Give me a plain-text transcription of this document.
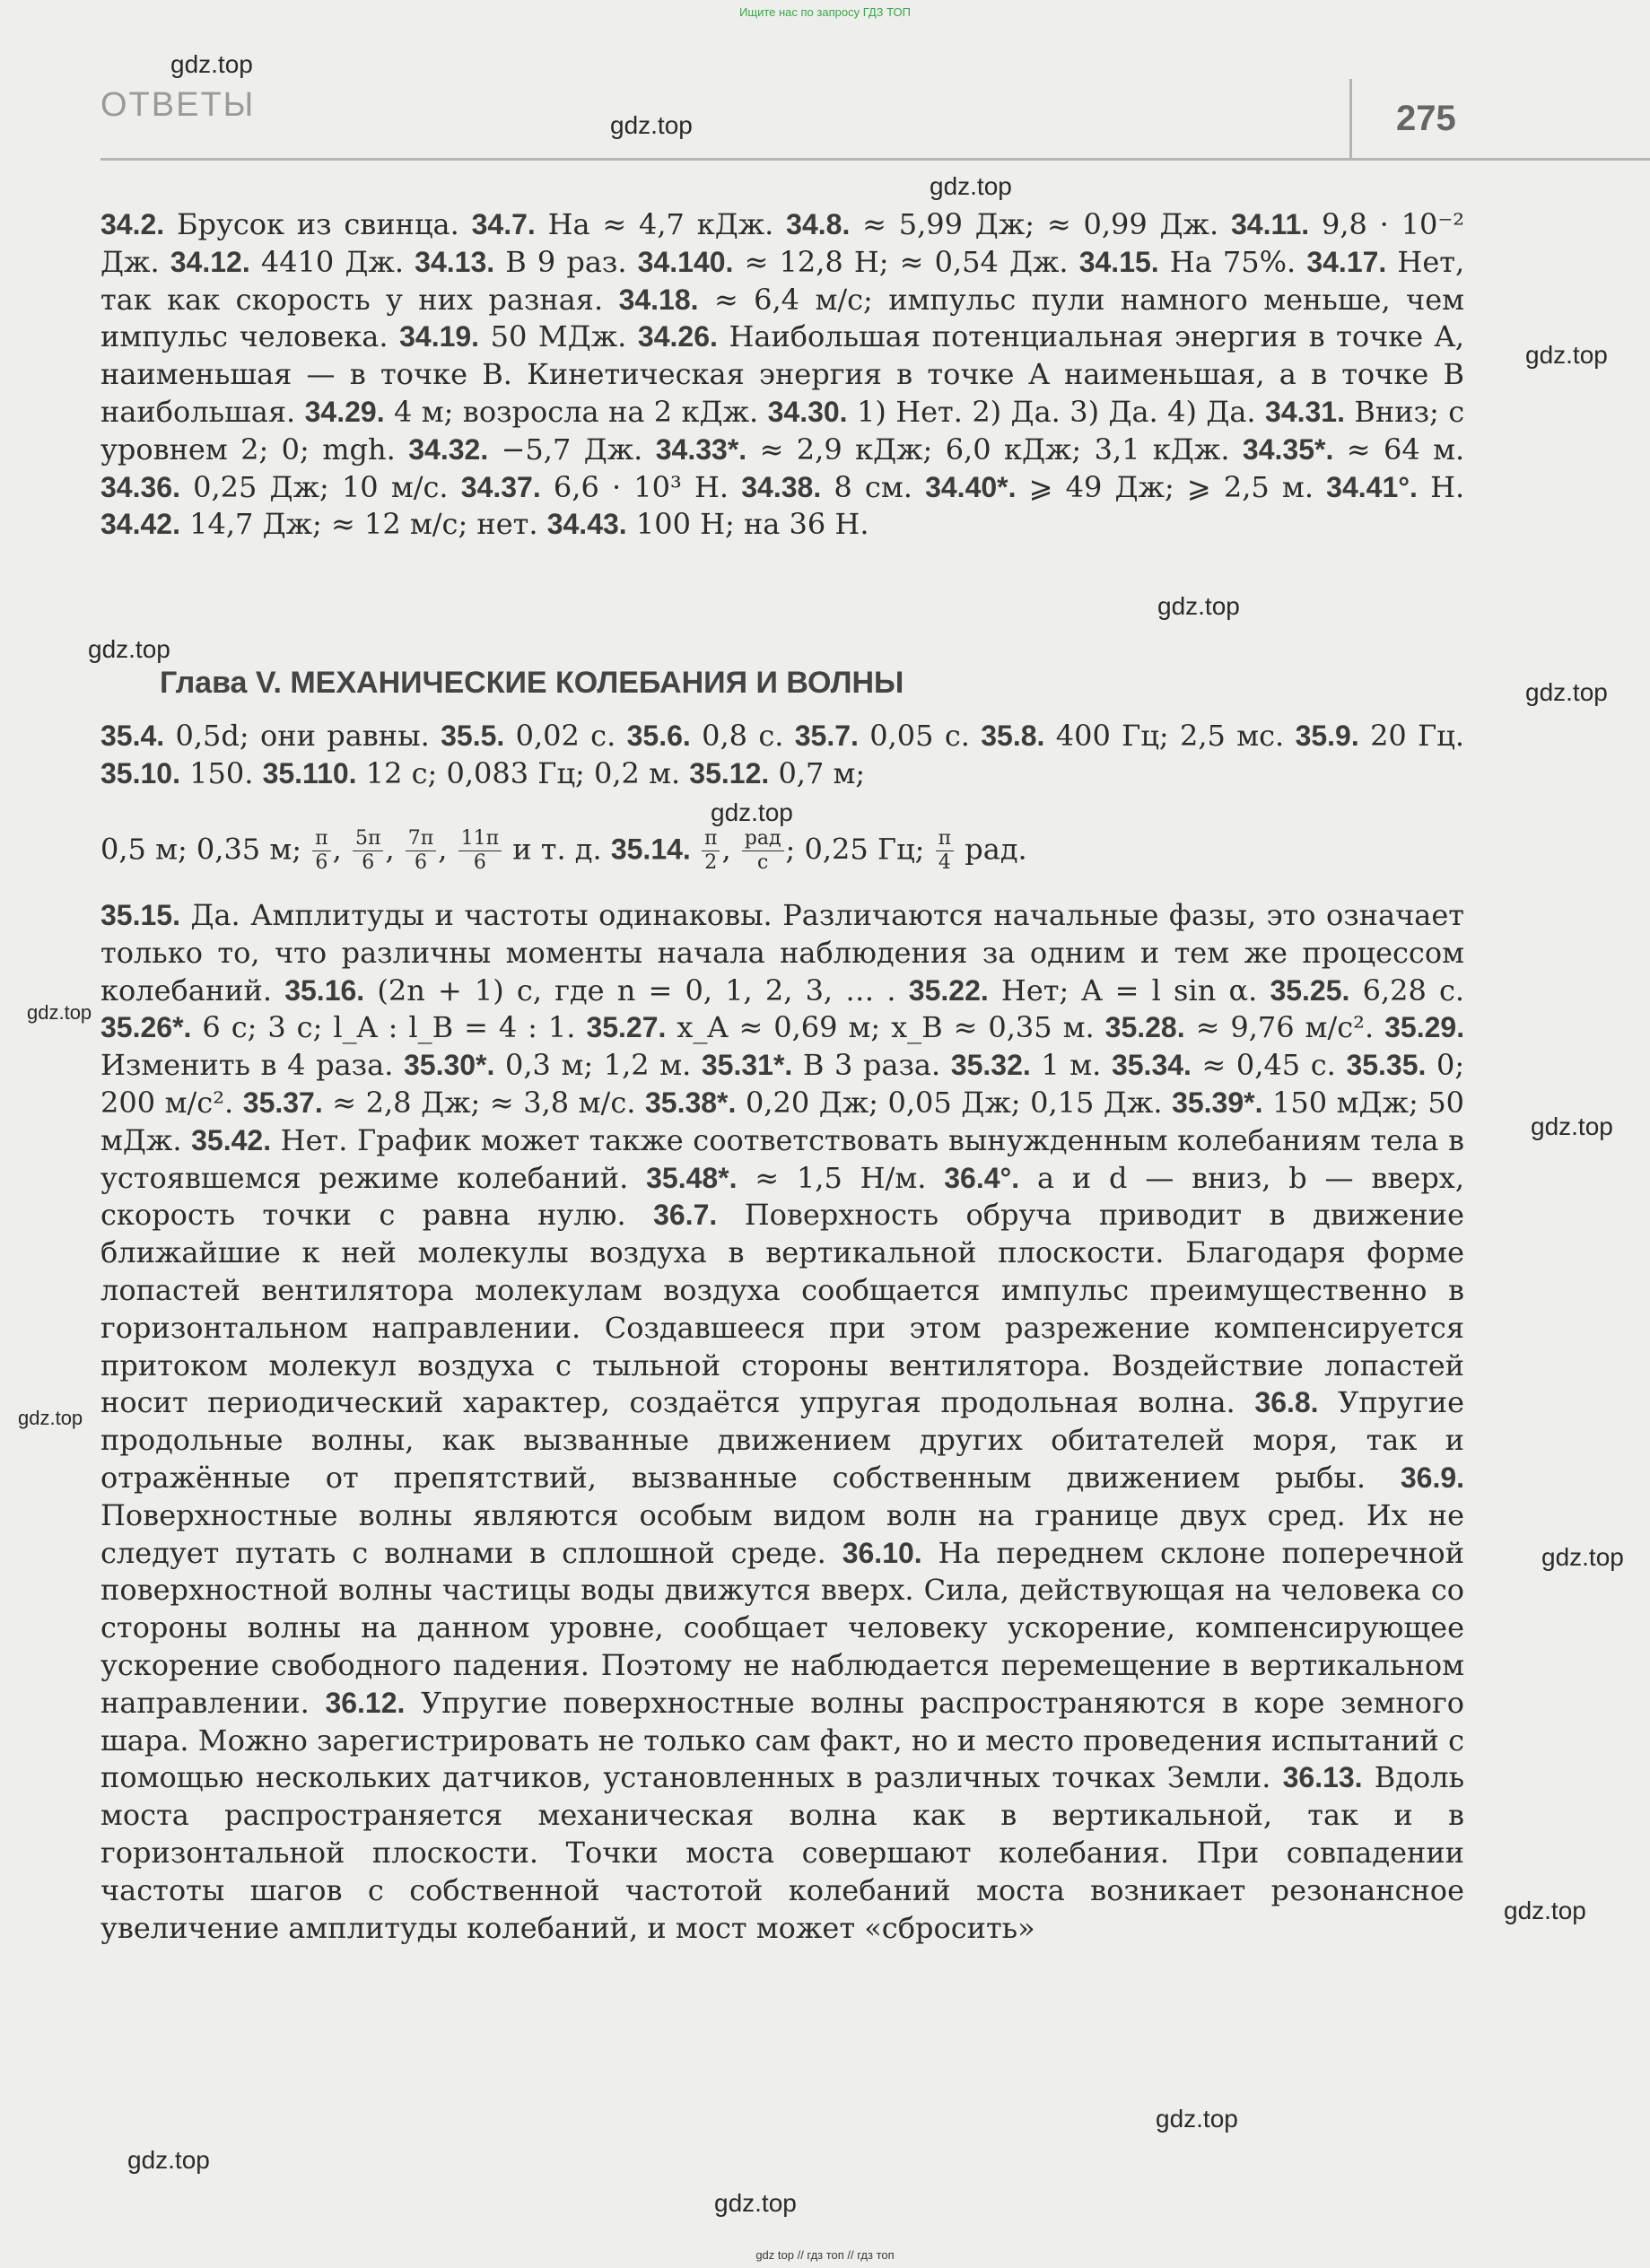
Ищите нас по запросу ГДЗ ТОП
ОТВЕТЫ	275

34.2. Брусок из свинца. 34.7. На ≈ 4,7 кДж. 34.8. ≈ 5,99 Дж; ≈ 0,99 Дж. 34.11. 9,8 · 10⁻² Дж. 34.12. 4410 Дж. 34.13. В 9 раз. 34.140. ≈ 12,8 Н; ≈ 0,54 Дж. 34.15. На 75%. 34.17. Нет, так как скорость у них разная. 34.18. ≈ 6,4 м/с; импульс пули намного меньше, чем импульс человека. 34.19. 50 МДж. 34.26. Наибольшая потенциальная энергия в точке A, наименьшая — в точке B. Кинетическая энергия в точке A наименьшая, а в точке B наибольшая. 34.29. 4 м; возросла на 2 кДж. 34.30. 1) Нет. 2) Да. 3) Да. 4) Да. 34.31. Вниз; с уровнем 2; 0; mgh. 34.32. −5,7 Дж. 34.33*. ≈ 2,9 кДж; 6,0 кДж; 3,1 кДж. 34.35*. ≈ 64 м. 34.36. 0,25 Дж; 10 м/с. 34.37. 6,6 · 10³ Н. 34.38. 8 см. 34.40*. ⩾ 49 Дж; ⩾ 2,5 м. 34.41°. H. 34.42. 14,7 Дж; ≈ 12 м/с; нет. 34.43. 100 Н; на 36 Н.

Глава V. МЕХАНИЧЕСКИЕ КОЛЕБАНИЯ И ВОЛНЫ

35.4. 0,5d; они равны. 35.5. 0,02 с. 35.6. 0,8 с. 35.7. 0,05 с. 35.8. 400 Гц; 2,5 мс. 35.9. 20 Гц. 35.10. 150. 35.110. 12 с; 0,083 Гц; 0,2 м. 35.12. 0,7 м;

0,5 м; 0,35 м; $\frac{\pi}{6}$ , $\frac{5\pi}{6}$ , $\frac{7\pi}{6}$ , $\frac{11\pi}{6}$ и т. д. 35.14. $\frac{\pi}{2}$ , $\frac{\text{рад}}{с}$ ; 0,25 Гц; $\frac{\pi}{4}$ рад.

35.15. Да. Амплитуды и частоты одинаковы. Различаются начальные фазы, это означает только то, что различны моменты начала наблюдения за одним и тем же процессом колебаний. 35.16. (2n + 1) с, где n = 0, 1, 2, 3, … . 35.22. Нет; A = l sin α. 35.25. 6,28 с. 35.26*. 6 с; 3 с; l_A : l_B = 4 : 1. 35.27. x_A ≈ 0,69 м; x_B ≈ 0,35 м. 35.28. ≈ 9,76 м/с². 35.29. Изменить в 4 раза. 35.30*. 0,3 м; 1,2 м. 35.31*. В 3 раза. 35.32. 1 м. 35.34. ≈ 0,45 с. 35.35. 0; 200 м/с². 35.37. ≈ 2,8 Дж; ≈ 3,8 м/с. 35.38*. 0,20 Дж; 0,05 Дж; 0,15 Дж. 35.39*. 150 мДж; 50 мДж. 35.42. Нет. График может также соответствовать вынужденным колебаниям тела в устоявшемся режиме колебаний. 35.48*. ≈ 1,5 Н/м. 36.4°. a и d — вниз, b — вверх, скорость точки c равна нулю. 36.7. Поверхность обруча приводит в движение ближайшие к ней молекулы воздуха в вертикальной плоскости. Благодаря форме лопастей вентилятора молекулам воздуха сообщается импульс преимущественно в горизонтальном направлении. Создавшееся при этом разрежение компенсируется притоком молекул воздуха с тыльной стороны вентилятора. Воздействие лопастей носит периодический характер, создаётся упругая продольная волна. 36.8. Упругие продольные волны, как вызванные движением других обитателей моря, так и отражённые от препятствий, вызванные собственным движением рыбы. 36.9. Поверхностные волны являются особым видом волн на границе двух сред. Их не следует путать с волнами в сплошной среде. 36.10. На переднем склоне поперечной поверхностной волны частицы воды движутся вверх. Сила, действующая на человека со стороны волны на данном уровне, сообщает человеку ускорение, компенсирующее ускорение свободного падения. Поэтому не наблюдается перемещение в вертикальном направлении. 36.12. Упругие поверхностные волны распространяются в коре земного шара. Можно зарегистрировать не только сам факт, но и место проведения испытаний с помощью нескольких датчиков, установленных в различных точках Земли. 36.13. Вдоль моста распространяется механическая волна как в вертикальной, так и в горизонтальной плоскости. Точки моста совершают колебания. При совпадении частоты шагов с собственной частотой колебаний моста возникает резонансное увеличение амплитуды колебаний, и мост может «сбросить»

gdz.top
gdz.top
gdz.top
gdz.top
gdz.top
gdz.top
gdz.top
gdz.top
gdz.top
gdz.top
gdz.top
gdz.top
gdz.top
gdz.top
gdz.top
gdz.top
gdz top // гдз топ // гдз топ
